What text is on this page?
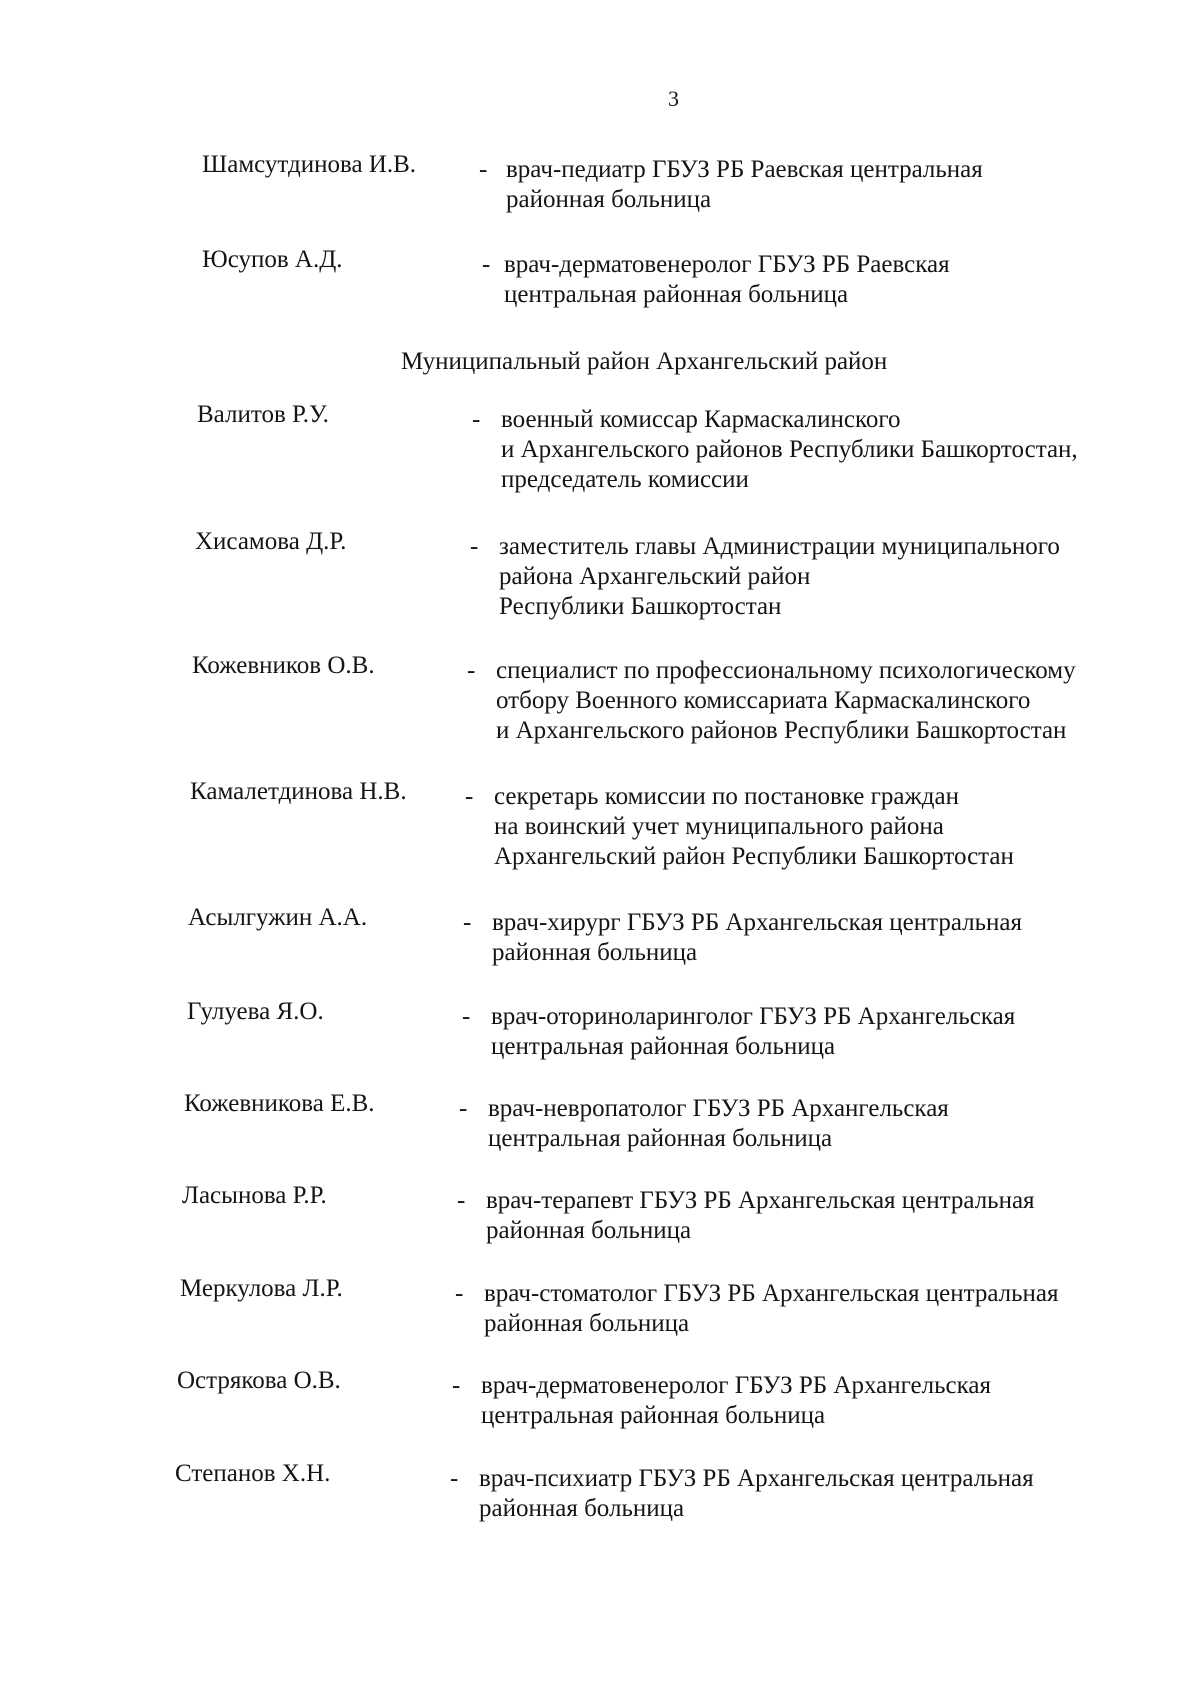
3
Шамсутдинова И.В.	- врач-педиатр ГБУЗ РБ Раевская центральная
районная больница
Юсупов А.Д.	- врач-дерматовенеролог ГБУЗ РБ Раевская
центральная районная больница
Муниципальный район Архангельский район
Валитов Р.У.	- военный комиссар Кармаскалинского
и Архангельского районов Республики Башкортостан,
председатель комиссии
Хисамова Д.Р.	- заместитель главы Администрации муниципального
района Архангельский район
Республики Башкортостан
Кожевников О.В.	- специалист по профессиональному психологическому
отбору Военного комиссариата Кармаскалинского
и Архангельского районов Республики Башкортостан
Камалетдинова Н.В. - секретарь комиссии по постановке граждан
на воинский учет муниципального района
Архангельский район Республики Башкортостан
Асылгужин А.А.	- врач-хирург ГБУЗ РБ Архангельская центральная
районная больница
Гулуева Я.О.	- врач-оториноларинголог ГБУЗ РБ Архангельская
центральная районная больница
Кожевникова Е.В.	- врач-невропатолог ГБУЗ РБ Архангельская
центральная районная больница
Ласынова Р.Р.	- врач-терапевт ГБУЗ РБ Архангельская центральная
районная больница
Меркулова Л.Р.	- врач-стоматолог ГБУЗ РБ Архангельская центральная
районная больница
Острякова О.В.	- врач-дерматовенеролог ГБУЗ РБ Архангельская
центральная районная больница
Степанов Х.Н.	- врач-психиатр ГБУЗ РБ Архангельская центральная
районная больница
